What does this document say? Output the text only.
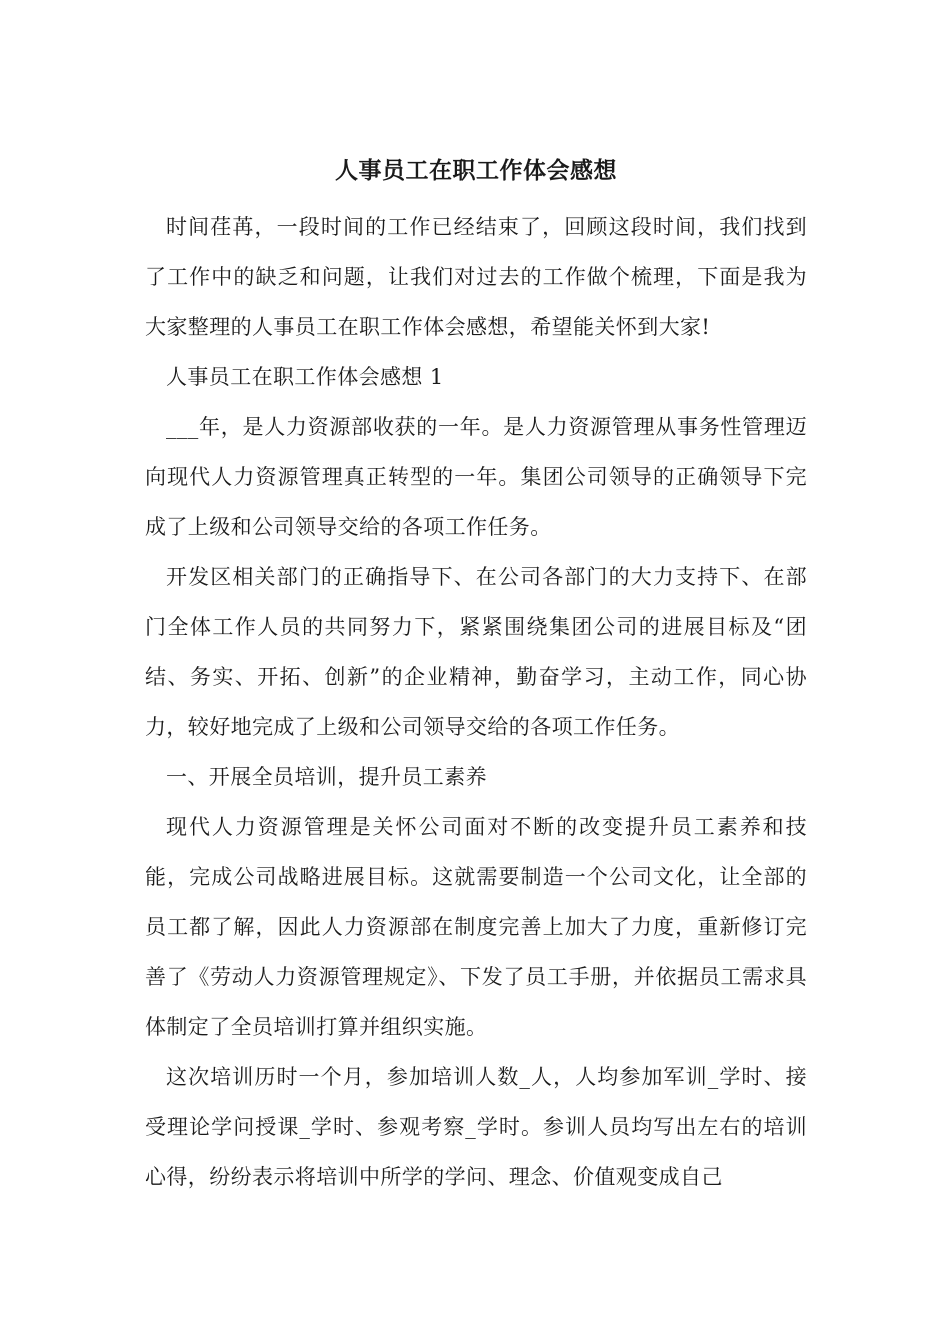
人事员工在职工作体会感想

时间荏苒，一段时间的工作已经结束了，回顾这段时间，我们找到了工作中的缺乏和问题，让我们对过去的工作做个梳理，下面是我为大家整理的人事员工在职工作体会感想，希望能关怀到大家!

人事员工在职工作体会感想 1

___年，是人力资源部收获的一年。是人力资源管理从事务性管理迈向现代人力资源管理真正转型的一年。集团公司领导的正确领导下完成了上级和公司领导交给的各项工作任务。

开发区相关部门的正确指导下、在公司各部门的大力支持下、在部门全体工作人员的共同努力下，紧紧围绕集团公司的进展目标及“团结、务实、开拓、创新”的企业精神，勤奋学习，主动工作，同心协力，较好地完成了上级和公司领导交给的各项工作任务。

一、开展全员培训，提升员工素养

现代人力资源管理是关怀公司面对不断的改变提升员工素养和技能，完成公司战略进展目标。这就需要制造一个公司文化，让全部的员工都了解，因此人力资源部在制度完善上加大了力度，重新修订完善了《劳动人力资源管理规定》、下发了员工手册，并依据员工需求具体制定了全员培训打算并组织实施。

这次培训历时一个月，参加培训人数_人，人均参加军训_学时、接受理论学问授课_学时、参观考察_学时。参训人员均写出左右的培训心得，纷纷表示将培训中所学的学问、理念、价值观变成自己
